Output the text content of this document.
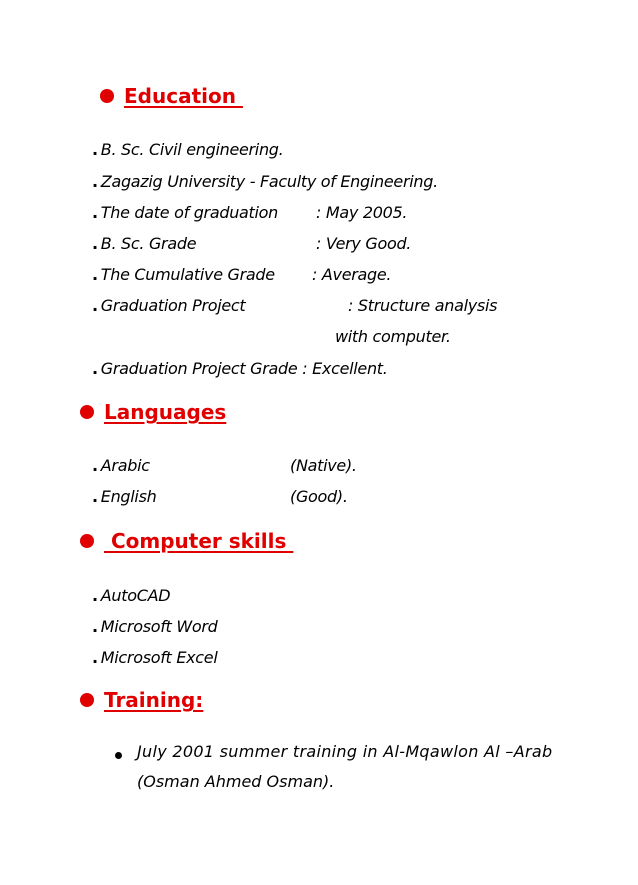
Education
. B. Sc. Civil engineering.
. Zagazig University - Faculty of Engineering.
. The date of graduation : May 2005.
. B. Sc. Grade	: Very Good.
. The Cumulative Grade : Average.
. Graduation Project	: Structure analysis
with computer.
. Graduation Project Grade : Excellent.
Languages
. Arabic	(Native).
. English	(Good).
Computer skills
. AutoCAD
. Microsoft Word
. Microsoft Excel
Training:
July 2001 summer training in Al-Mqawlon Al –Arab
(Osman Ahmed Osman).
